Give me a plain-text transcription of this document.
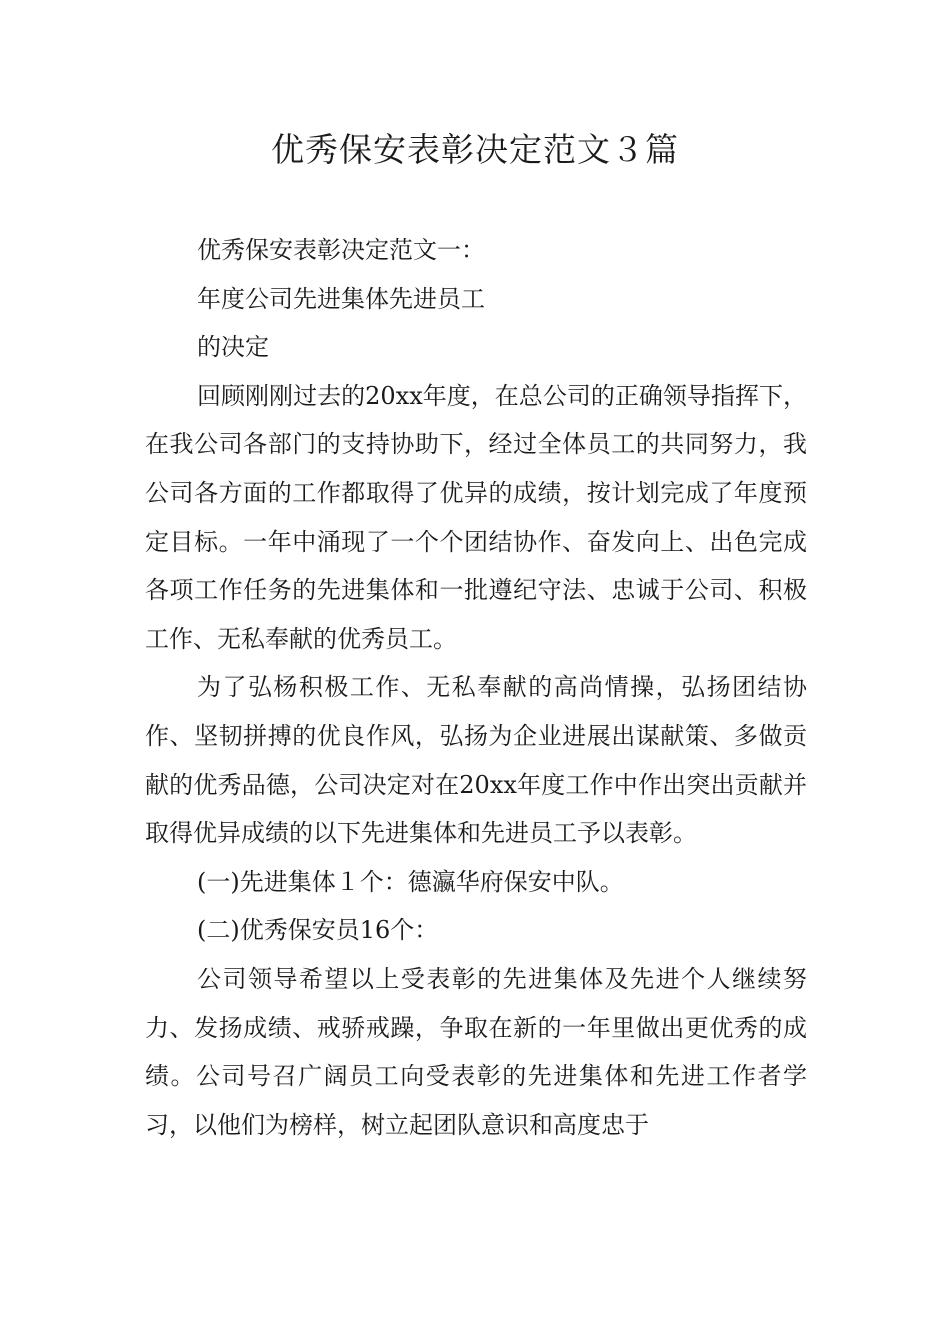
优秀保安表彰决定范文３篇

优秀保安表彰决定范文一：

年度公司先进集体先进员工

的决定

回顾刚刚过去的20xx年度，在总公司的正确领导指挥下，在我公司各部门的支持协助下，经过全体员工的共同努力，我公司各方面的工作都取得了优异的成绩，按计划完成了年度预定目标。一年中涌现了一个个团结协作、奋发向上、出色完成各项工作任务的先进集体和一批遵纪守法、忠诚于公司、积极工作、无私奉献的优秀员工。

为了弘杨积极工作、无私奉献的高尚情操，弘扬团结协作、坚韧拼搏的优良作风，弘扬为企业进展出谋献策、多做贡献的优秀品德，公司决定对在20xx年度工作中作出突出贡献并取得优异成绩的以下先进集体和先进员工予以表彰。

(一)先进集体１个：德瀛华府保安中队。

(二)优秀保安员16个：

公司领导希望以上受表彰的先进集体及先进个人继续努力、发扬成绩、戒骄戒躁，争取在新的一年里做出更优秀的成绩。公司号召广阔员工向受表彰的先进集体和先进工作者学习，以他们为榜样，树立起团队意识和高度忠于
